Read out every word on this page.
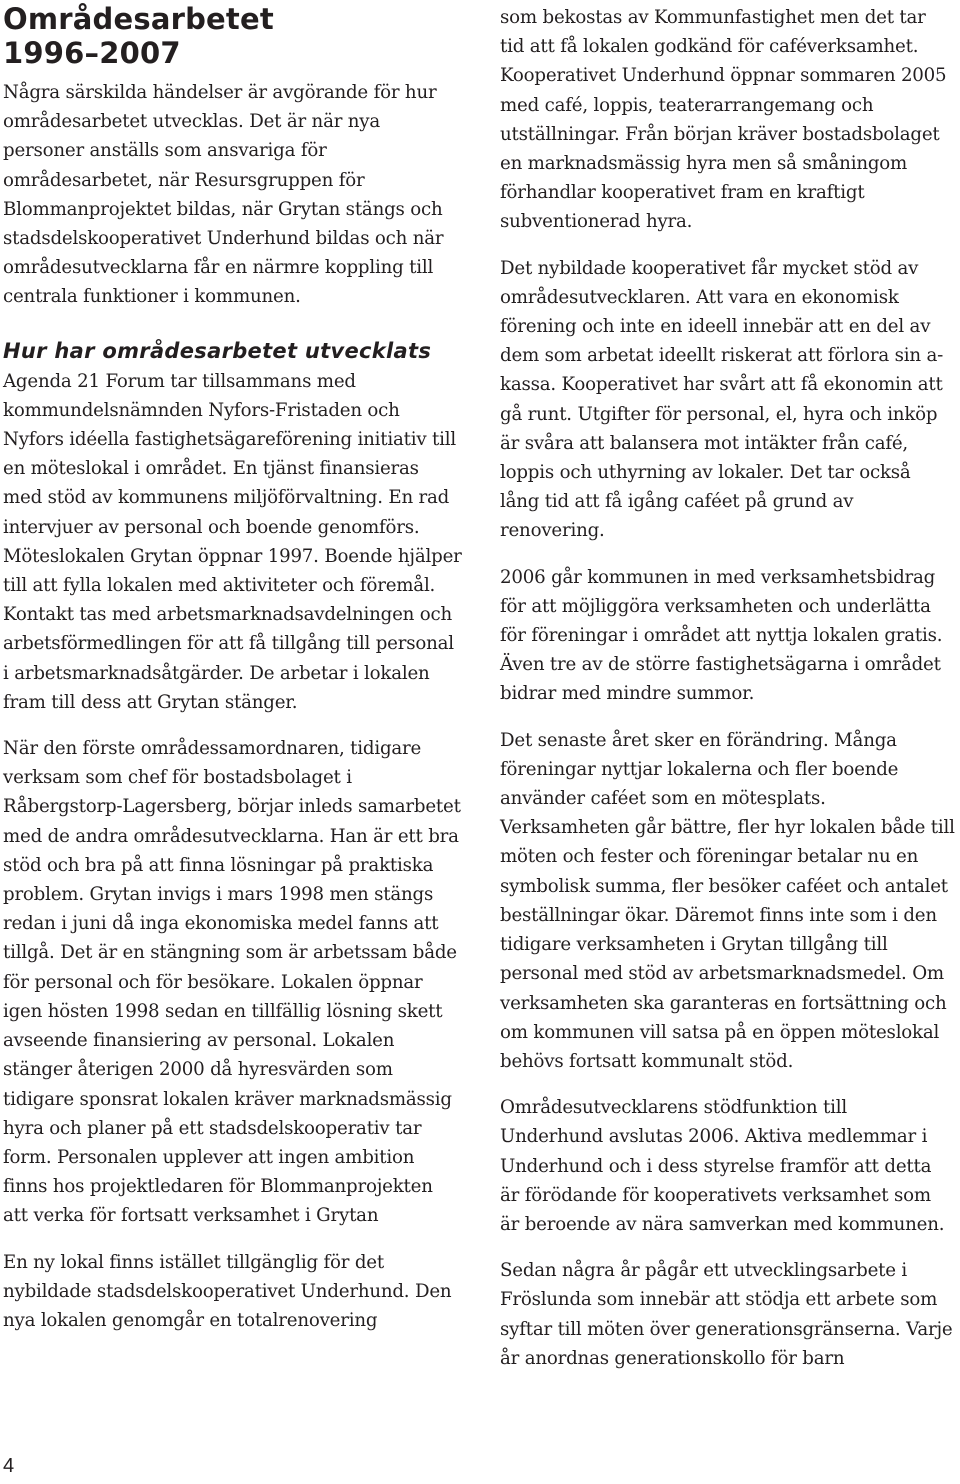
Områdesarbetet
1996–2007

Några särskilda händelser är avgörande för hur områdesarbetet utvecklas. Det är när nya personer anställs som ansvariga för områdesarbetet, när Resursgruppen för Blommanprojektet bildas, när Grytan stängs och stadsdelskooperativet Underhund bildas och när områdesutvecklarna får en närmre koppling till centrala funktioner i kommunen.

Hur har områdesarbetet utvecklats

Agenda 21 Forum tar tillsammans med kommundelsnämnden Nyfors-Fristaden och Nyfors idéella fastighetsägareförening initiativ till en möteslokal i området. En tjänst finansieras med stöd av kommunens miljöförvaltning. En rad intervjuer av personal och boende genomförs. Möteslokalen Grytan öppnar 1997. Boende hjälper till att fylla lokalen med aktiviteter och föremål. Kontakt tas med arbetsmarknadsavdelningen och arbetsförmedlingen för att få tillgång till personal i arbetsmarknadsåtgärder. De arbetar i lokalen fram till dess att Grytan stänger.

När den förste områdessamordnaren, tidigare verksam som chef för bostadsbolaget i Råbergstorp-Lagersberg, börjar inleds samarbetet med de andra områdesutvecklarna. Han är ett bra stöd och bra på att finna lösningar på praktiska problem. Grytan invigs i mars 1998 men stängs redan i juni då inga ekonomiska medel fanns att tillgå. Det är en stängning som är arbetssam både för personal och för besökare. Lokalen öppnar igen hösten 1998 sedan en tillfällig lösning skett avseende finansiering av personal. Lokalen stänger återigen 2000 då hyresvärden som tidigare sponsrat lokalen kräver marknadsmässig hyra och planer på ett stadsdelskooperativ tar form. Personalen upplever att ingen ambition finns hos projektledaren för Blommanprojekten att verka för fortsatt verksamhet i Grytan

En ny lokal finns istället tillgänglig för det nybildade stadsdelskooperativet Underhund. Den nya lokalen genomgår en totalrenovering

som bekostas av Kommunfastighet men det tar tid att få lokalen godkänd för caféverksamhet. Kooperativet Underhund öppnar sommaren 2005 med café, loppis, teaterarrangemang och utställningar. Från början kräver bostadsbolaget en marknadsmässig hyra men så småningom förhandlar kooperativet fram en kraftigt subventionerad hyra.

Det nybildade kooperativet får mycket stöd av områdesutvecklaren. Att vara en ekonomisk förening och inte en ideell innebär att en del av dem som arbetat ideellt riskerat att förlora sin a-kassa. Kooperativet har svårt att få ekonomin att gå runt. Utgifter för personal, el, hyra och inköp är svåra att balansera mot intäkter från café, loppis och uthyrning av lokaler. Det tar också lång tid att få igång caféet på grund av renovering.

2006 går kommunen in med verksamhetsbidrag för att möjliggöra verksamheten och underlätta för föreningar i området att nyttja lokalen gratis. Även tre av de större fastighetsägarna i området bidrar med mindre summor.

Det senaste året sker en förändring. Många föreningar nyttjar lokalerna och fler boende använder caféet som en mötesplats. Verksamheten går bättre, fler hyr lokalen både till möten och fester och föreningar betalar nu en symbolisk summa, fler besöker caféet och antalet beställningar ökar. Däremot finns inte som i den tidigare verksamheten i Grytan tillgång till personal med stöd av arbetsmarknadsmedel. Om verksamheten ska garanteras en fortsättning och om kommunen vill satsa på en öppen möteslokal behövs fortsatt kommunalt stöd.

Områdesutvecklarens stödfunktion till Underhund avslutas 2006. Aktiva medlemmar i Underhund och i dess styrelse framför att detta är förödande för kooperativets verksamhet som är beroende av nära samverkan med kommunen.

Sedan några år pågår ett utvecklingsarbete i Fröslunda som innebär att stödja ett arbete som syftar till möten över generationsgränserna. Varje år anordnas generationskollo för barn

4
